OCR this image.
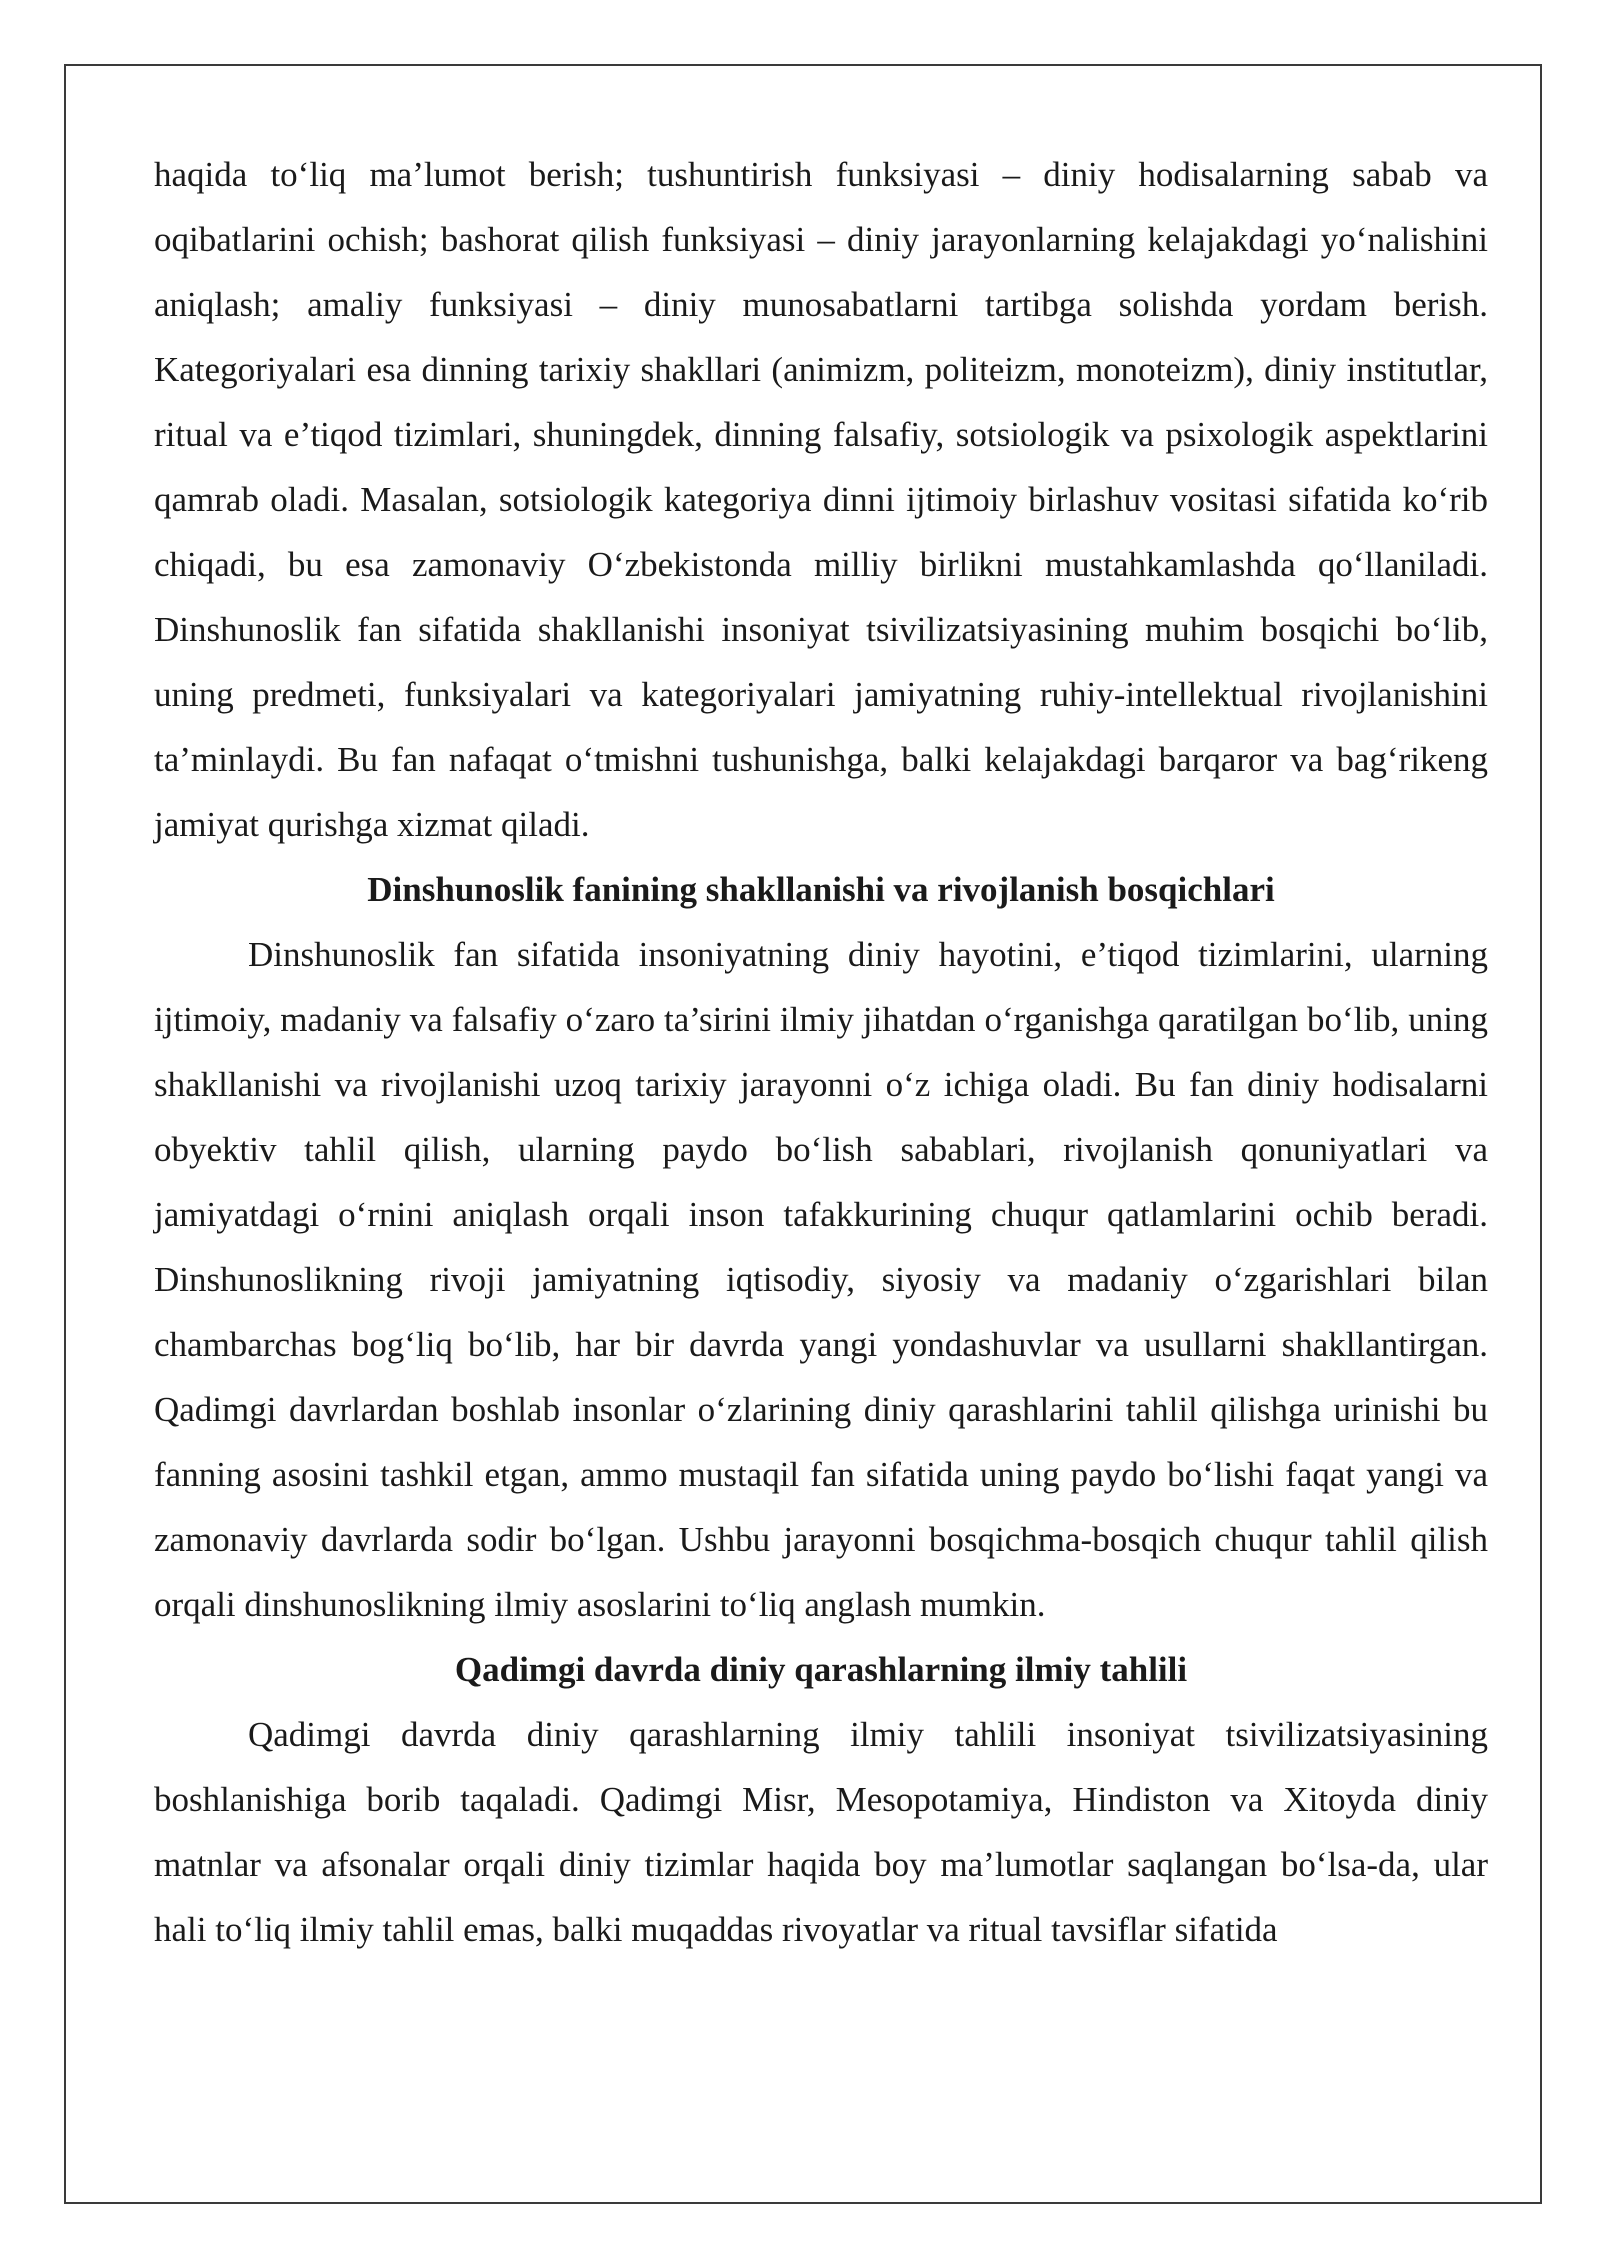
haqida to‘liq ma’lumot berish; tushuntirish funksiyasi – diniy hodisalarning sabab va oqibatlarini ochish; bashorat qilish funksiyasi – diniy jarayonlarning kelajakdagi yo‘nalishini aniqlash; amaliy funksiyasi – diniy munosabatlarni tartibga solishda yordam berish. Kategoriyalari esa dinning tarixiy shakllari (animizm, politeizm, monoteizm), diniy institutlar, ritual va e’tiqod tizimlari, shuningdek, dinning falsafiy, sotsiologik va psixologik aspektlarini qamrab oladi. Masalan, sotsiologik kategoriya dinni ijtimoiy birlashuv vositasi sifatida ko‘rib chiqadi, bu esa zamonaviy O‘zbekistonda milliy birlikni mustahkamlashda qo‘llaniladi. Dinshunoslik fan sifatida shakllanishi insoniyat tsivilizatsiyasining muhim bosqichi bo‘lib, uning predmeti, funksiyalari va kategoriyalari jamiyatning ruhiy-intellektual rivojlanishini ta’minlaydi. Bu fan nafaqat o‘tmishni tushunishga, balki kelajakdagi barqaror va bag‘rikeng jamiyat qurishga xizmat qiladi.

Dinshunoslik fanining shakllanishi va rivojlanish bosqichlari

Dinshunoslik fan sifatida insoniyatning diniy hayotini, e’tiqod tizimlarini, ularning ijtimoiy, madaniy va falsafiy o‘zaro ta’sirini ilmiy jihatdan o‘rganishga qaratilgan bo‘lib, uning shakllanishi va rivojlanishi uzoq tarixiy jarayonni o‘z ichiga oladi. Bu fan diniy hodisalarni obyektiv tahlil qilish, ularning paydo bo‘lish sabablari, rivojlanish qonuniyatlari va jamiyatdagi o‘rnini aniqlash orqali inson tafakkurining chuqur qatlamlarini ochib beradi. Dinshunoslikning rivoji jamiyatning iqtisodiy, siyosiy va madaniy o‘zgarishlari bilan chambarchas bog‘liq bo‘lib, har bir davrda yangi yondashuvlar va usullarni shakllantirgan. Qadimgi davrlardan boshlab insonlar o‘zlarining diniy qarashlarini tahlil qilishga urinishi bu fanning asosini tashkil etgan, ammo mustaqil fan sifatida uning paydo bo‘lishi faqat yangi va zamonaviy davrlarda sodir bo‘lgan. Ushbu jarayonni bosqichma-bosqich chuqur tahlil qilish orqali dinshunoslikning ilmiy asoslarini to‘liq anglash mumkin.

Qadimgi davrda diniy qarashlarning ilmiy tahlili

Qadimgi davrda diniy qarashlarning ilmiy tahlili insoniyat tsivilizatsiyasining boshlanishiga borib taqaladi. Qadimgi Misr, Mesopotamiya, Hindiston va Xitoyda diniy matnlar va afsonalar orqali diniy tizimlar haqida boy ma’lumotlar saqlangan bo‘lsa-da, ular hali to‘liq ilmiy tahlil emas, balki muqaddas rivoyatlar va ritual tavsiflar sifatida
